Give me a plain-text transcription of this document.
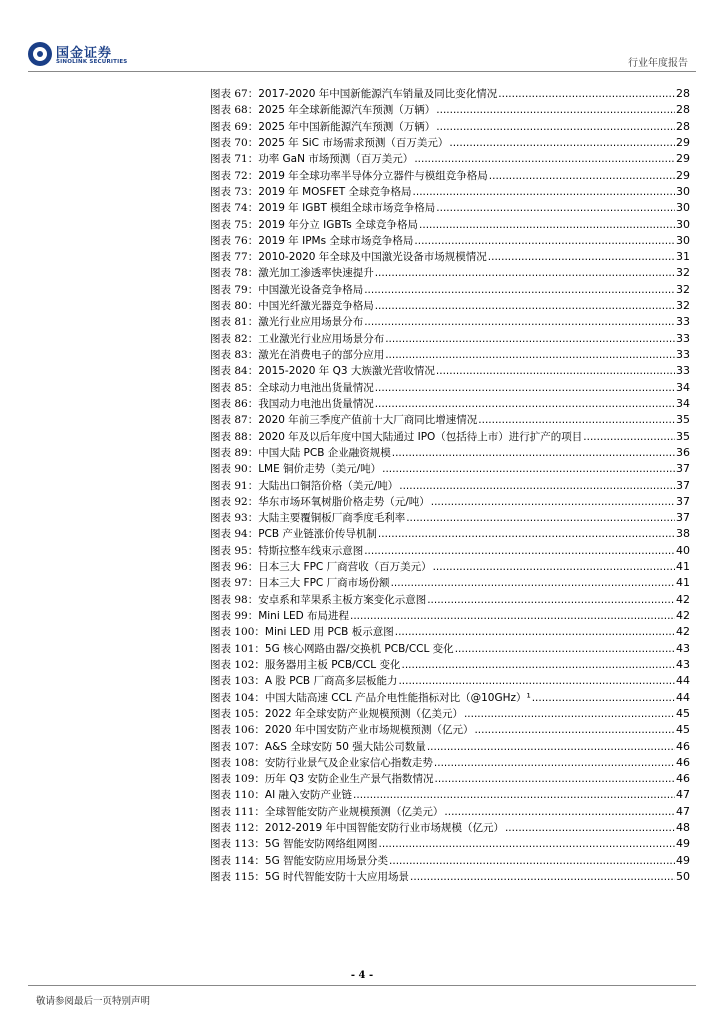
国金证券
SINOLINK SECURITIES	行业年度报告
图表 67： 2017-2020 年中国新能源汽车销量及同比变化情况 .....	28
图表 68： 2025 年全球新能源汽车预测（万辆） .....	28
图表 69： 2025 年中国新能源汽车预测（万辆） .....	28
图表 70： 2025 年 SiC 市场需求预测（百万美元） .....	29
图表 71： 功率 GaN 市场预测（百万美元） .....	29
图表 72： 2019 年全球功率半导体分立器件与模组竞争格局 .....	29
图表 73： 2019 年 MOSFET 全球竞争格局 .....	30
图表 74： 2019 年 IGBT 模组全球市场竞争格局 .....	30
图表 75： 2019 年分立 IGBTs 全球竞争格局 .....	30
图表 76： 2019 年 IPMs 全球市场竞争格局 .....	30
图表 77： 2010-2020 年全球及中国激光设备市场规模情况 .....	31
图表 78： 激光加工渗透率快速提升 .....	32
图表 79： 中国激光设备竞争格局 .....	32
图表 80： 中国光纤激光器竞争格局 .....	32
图表 81： 激光行业应用场景分布 .....	33
图表 82： 工业激光行业应用场景分布 .....	33
图表 83： 激光在消费电子的部分应用 .....	33
图表 84： 2015-2020 年 Q3 大族激光营收情况 .....	33
图表 85： 全球动力电池出货量情况 .....	34
图表 86： 我国动力电池出货量情况 .....	34
图表 87： 2020 年前三季度产值前十大厂商同比增速情况 .....	35
图表 88： 2020 年及以后年度中国大陆通过 IPO（包括待上市）进行扩产的项目 .....	35
图表 89： 中国大陆 PCB 企业融资规模 .....	36
图表 90： LME 铜价走势（美元/吨） .....	37
图表 91： 大陆出口铜箔价格（美元/吨） .....	37
图表 92： 华东市场环氧树脂价格走势（元/吨） .....	37
图表 93： 大陆主要覆铜板厂商季度毛利率 .....	37
图表 94： PCB 产业链涨价传导机制 .....	38
图表 95： 特斯拉整车线束示意图 .....	40
图表 96： 日本三大 FPC 厂商营收（百万美元） .....	41
图表 97： 日本三大 FPC 厂商市场份额 .....	41
图表 98： 安卓系和苹果系主板方案变化示意图 .....	42
图表 99： Mini LED 布局进程 .....	42
图表 100： Mini LED 用 PCB 板示意图 .....	42
图表 101： 5G 核心网路由器/交换机 PCB/CCL 变化 .....	43
图表 102： 服务器用主板 PCB/CCL 变化 .....	43
图表 103： A 股 PCB 厂商高多层板能力 .....	44
图表 104： 中国大陆高速 CCL 产品介电性能指标对比（@10GHz）¹ .....	44
图表 105： 2022 年全球安防产业规模预测（亿美元） .....	45
图表 106： 2020 年中国安防产业市场规模预测（亿元） .....	45
图表 107： A&S 全球安防 50 强大陆公司数量 .....	46
图表 108： 安防行业景气及企业家信心指数走势 .....	46
图表 109： 历年 Q3 安防企业生产景气指数情况 .....	46
图表 110： AI 融入安防产业链 .....	47
图表 111： 全球智能安防产业规模预测（亿美元） .....	47
图表 112： 2012-2019 年中国智能安防行业市场规模（亿元） .....	48
图表 113： 5G 智能安防网络组网图 .....	49
图表 114： 5G 智能安防应用场景分类 .....	49
图表 115： 5G 时代智能安防十大应用场景 .....	50
- 4 -
敬请参阅最后一页特别声明
